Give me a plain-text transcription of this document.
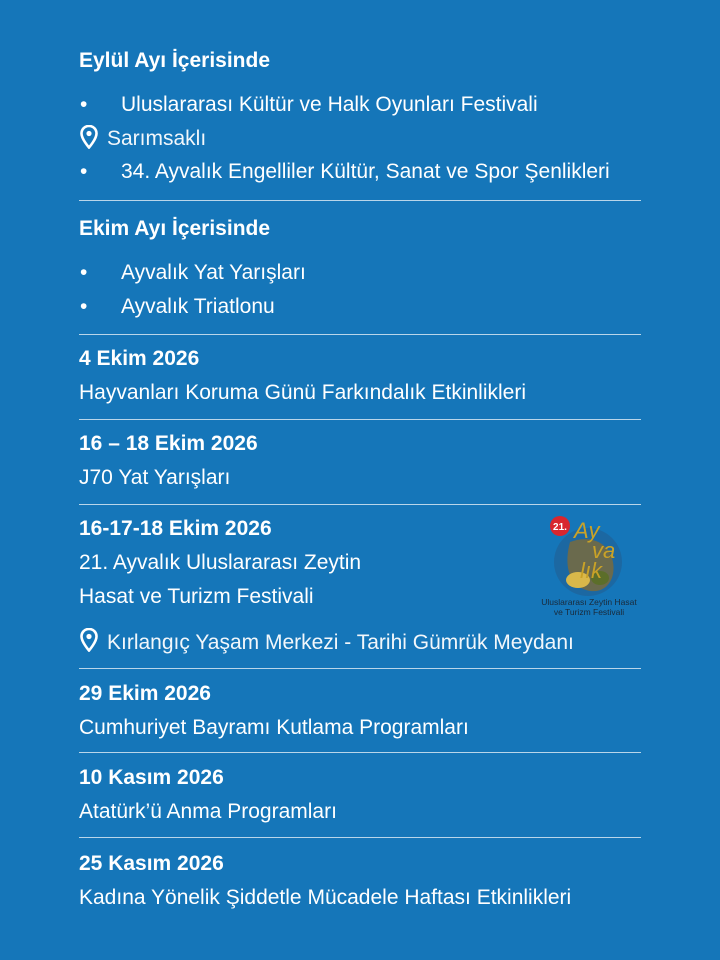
Eylül Ayı İçerisinde
• Uluslararası Kültür ve Halk Oyunları Festivali
Sarımsaklı
• 34. Ayvalık Engelliler Kültür, Sanat ve Spor Şenlikleri
Ekim Ayı İçerisinde
• Ayvalık Yat Yarışları
• Ayvalık Triatlonu
4 Ekim 2026
Hayvanları Koruma Günü Farkındalık Etkinlikleri
16 – 18 Ekim 2026
J70 Yat Yarışları
16-17-18 Ekim 2026
21. Ayvalık Uluslararası Zeytin
Hasat ve Turizm Festivali
21. Ay
va
lık
Uluslararası Zeytin Hasat
ve Turizm Festivali
Kırlangıç Yaşam Merkezi - Tarihi Gümrük Meydanı
29 Ekim 2026
Cumhuriyet Bayramı Kutlama Programları
10 Kasım 2026
Atatürk’ü Anma Programları
25 Kasım 2026
Kadına Yönelik Şiddetle Mücadele Haftası Etkinlikleri
